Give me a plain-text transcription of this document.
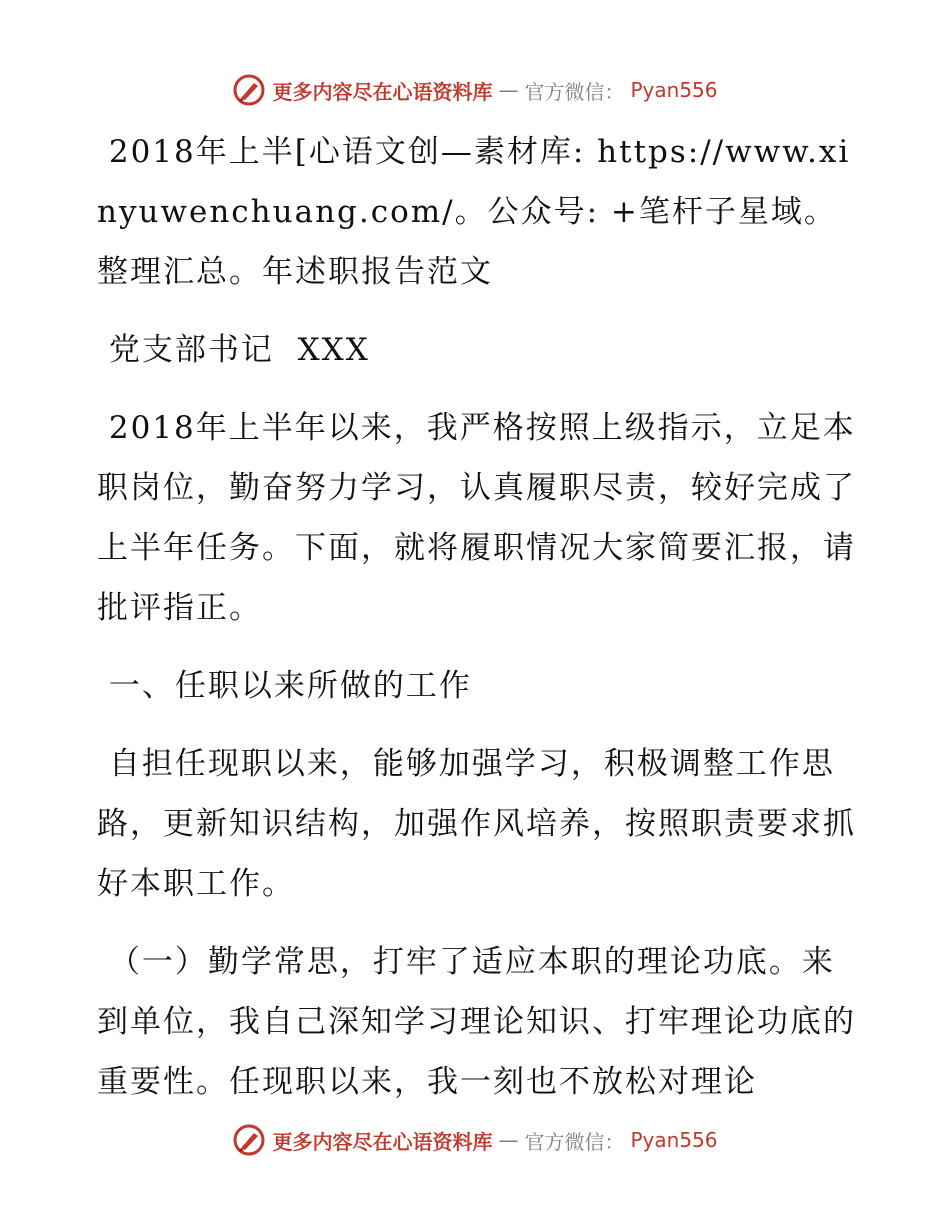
更多内容尽在心语资料库 — 官方微信： Pyan556

2018年上半[心语文创—素材库: https://www.xinyuwenchuang.com/。公众号: +笔杆子星域。整理汇总。年述职报告范文

党支部书记  XXX

2018年上半年以来，我严格按照上级指示，立足本职岗位，勤奋努力学习，认真履职尽责，较好完成了上半年任务。下面，就将履职情况大家简要汇报，请批评指正。

一、任职以来所做的工作

自担任现职以来，能够加强学习，积极调整工作思路，更新知识结构，加强作风培养，按照职责要求抓好本职工作。

（一）勤学常思，打牢了适应本职的理论功底。来到单位，我自己深知学习理论知识、打牢理论功底的重要性。任现职以来，我一刻也不放松对理论

更多内容尽在心语资料库 — 官方微信： Pyan556
